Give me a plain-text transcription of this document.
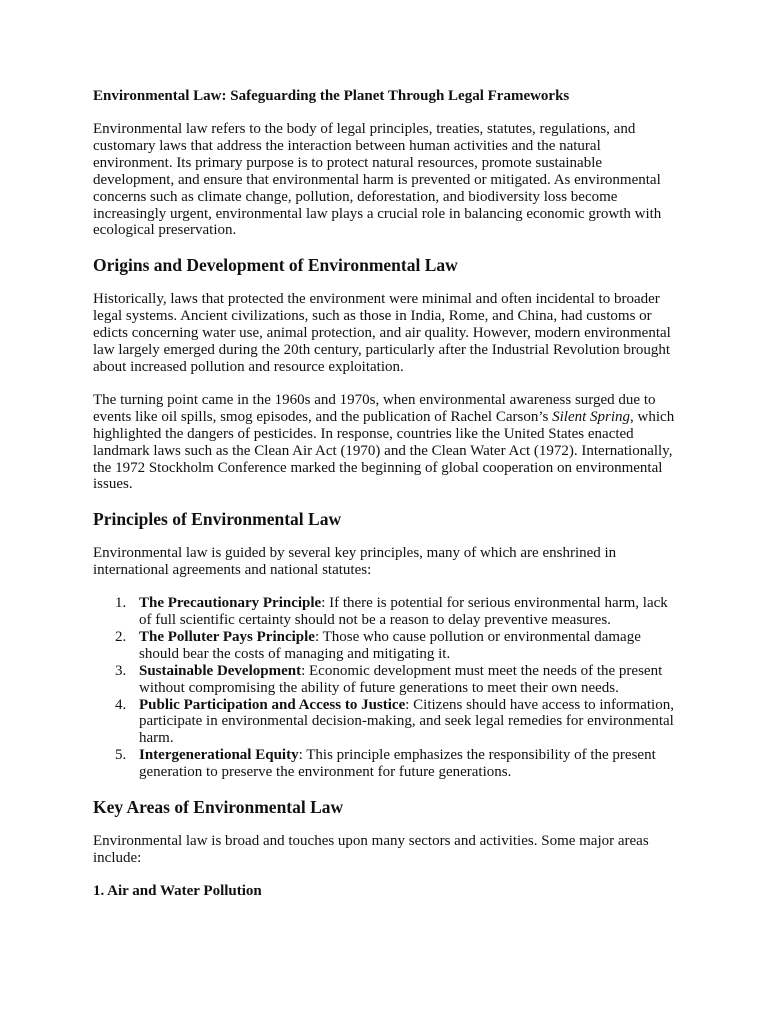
Environmental Law: Safeguarding the Planet Through Legal Frameworks

Environmental law refers to the body of legal principles, treaties, statutes, regulations, and customary laws that address the interaction between human activities and the natural environment. Its primary purpose is to protect natural resources, promote sustainable development, and ensure that environmental harm is prevented or mitigated. As environmental concerns such as climate change, pollution, deforestation, and biodiversity loss become increasingly urgent, environmental law plays a crucial role in balancing economic growth with ecological preservation.

Origins and Development of Environmental Law

Historically, laws that protected the environment were minimal and often incidental to broader legal systems. Ancient civilizations, such as those in India, Rome, and China, had customs or edicts concerning water use, animal protection, and air quality. However, modern environmental law largely emerged during the 20th century, particularly after the Industrial Revolution brought about increased pollution and resource exploitation.

The turning point came in the 1960s and 1970s, when environmental awareness surged due to events like oil spills, smog episodes, and the publication of Rachel Carson’s Silent Spring, which highlighted the dangers of pesticides. In response, countries like the United States enacted landmark laws such as the Clean Air Act (1970) and the Clean Water Act (1972). Internationally, the 1972 Stockholm Conference marked the beginning of global cooperation on environmental issues.

Principles of Environmental Law

Environmental law is guided by several key principles, many of which are enshrined in international agreements and national statutes:

1. The Precautionary Principle: If there is potential for serious environmental harm, lack of full scientific certainty should not be a reason to delay preventive measures.
2. The Polluter Pays Principle: Those who cause pollution or environmental damage should bear the costs of managing and mitigating it.
3. Sustainable Development: Economic development must meet the needs of the present without compromising the ability of future generations to meet their own needs.
4. Public Participation and Access to Justice: Citizens should have access to information, participate in environmental decision-making, and seek legal remedies for environmental harm.
5. Intergenerational Equity: This principle emphasizes the responsibility of the present generation to preserve the environment for future generations.
Key Areas of Environmental Law

Environmental law is broad and touches upon many sectors and activities. Some major areas include:

1. Air and Water Pollution
